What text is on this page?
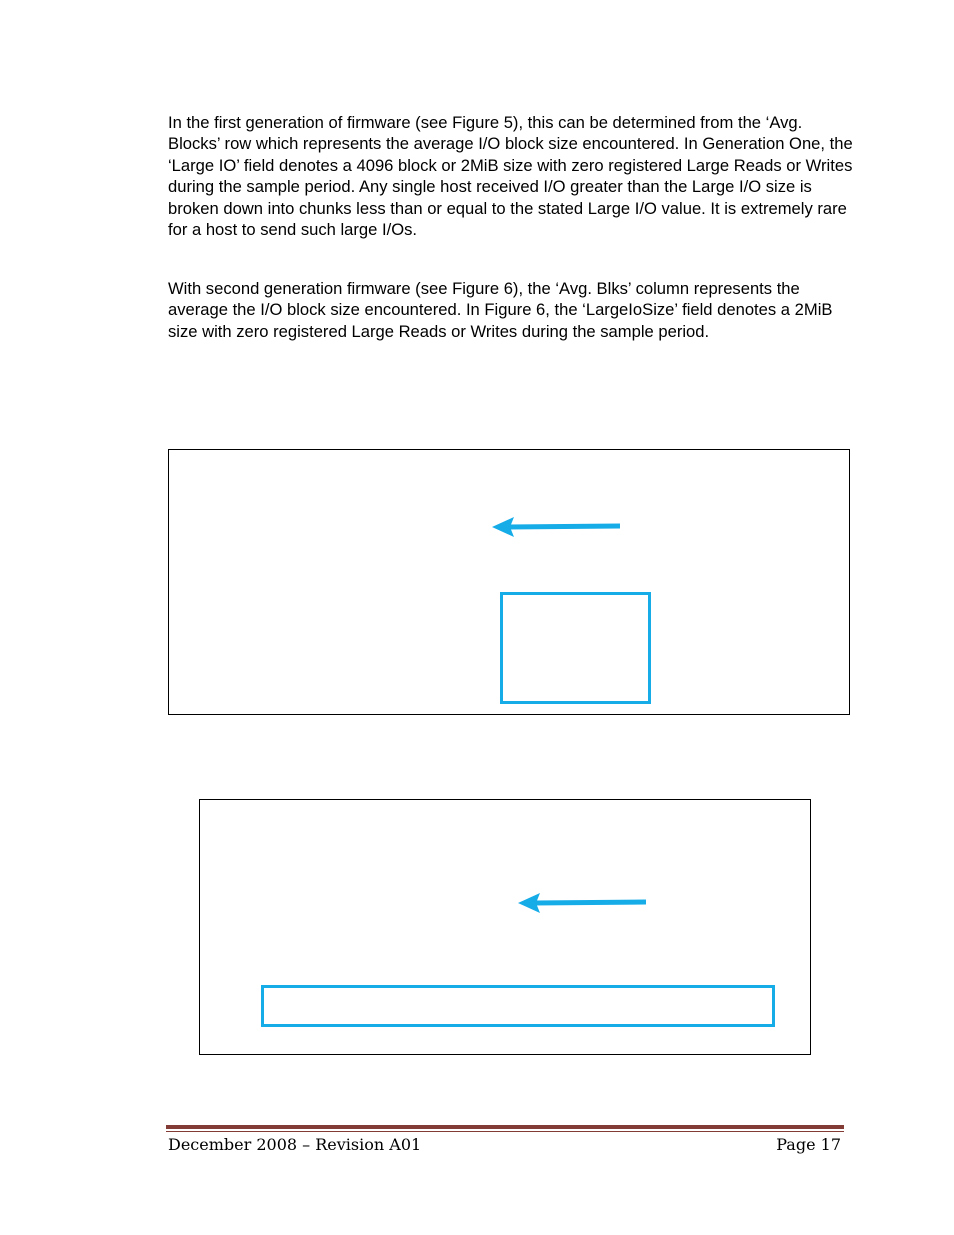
In the first generation of firmware (see Figure 5), this can be determined from the ‘Avg. Blocks’ row which represents the average I/O block size encountered. In Generation One, the ‘Large IO’ field denotes a 4096 block or 2MiB size with zero registered Large Reads or Writes during the sample period. Any single host received I/O greater than the Large I/O size is broken down into chunks less than or equal to the stated Large I/O value. It is extremely rare for a host to send such large I/Os.

With second generation firmware (see Figure 6), the ‘Avg. Blks’ column represents the average the I/O block size encountered. In Figure 6, the ‘LargeIoSize’ field denotes a 2MiB size with zero registered Large Reads or Writes during the sample period.

December 2008 – Revision A01	Page 17
